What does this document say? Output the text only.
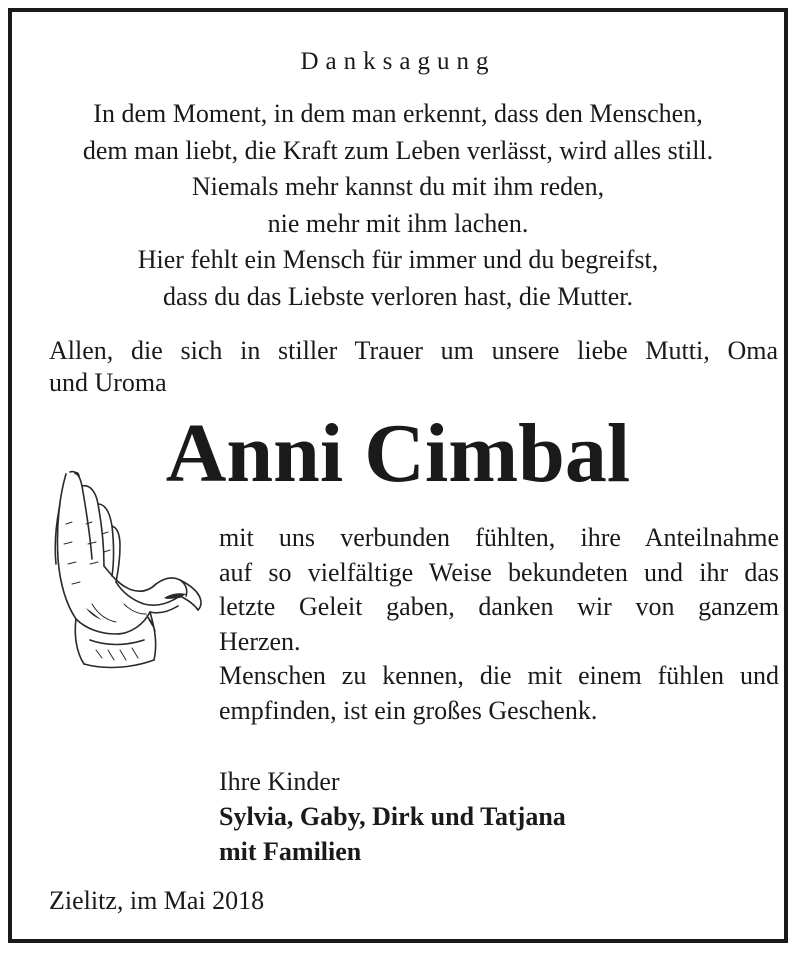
Danksagung
In dem Moment, in dem man erkennt, dass den Menschen,
dem man liebt, die Kraft zum Leben verlässt, wird alles still.
Niemals mehr kannst du mit ihm reden,
nie mehr mit ihm lachen.
Hier fehlt ein Mensch für immer und du begreifst,
dass du das Liebste verloren hast, die Mutter.
Allen, die sich in stiller Trauer um unsere liebe Mutti, Oma
und Uroma
Anni Cimbal
mit uns verbunden fühlten, ihre Anteilnahme
auf so vielfältige Weise bekundeten und ihr das
letzte Geleit gaben, danken wir von ganzem
Herzen.
Menschen zu kennen, die mit einem fühlen und
empfinden, ist ein großes Geschenk.
Ihre Kinder
Sylvia, Gaby, Dirk und Tatjana
mit Familien
Zielitz, im Mai 2018
